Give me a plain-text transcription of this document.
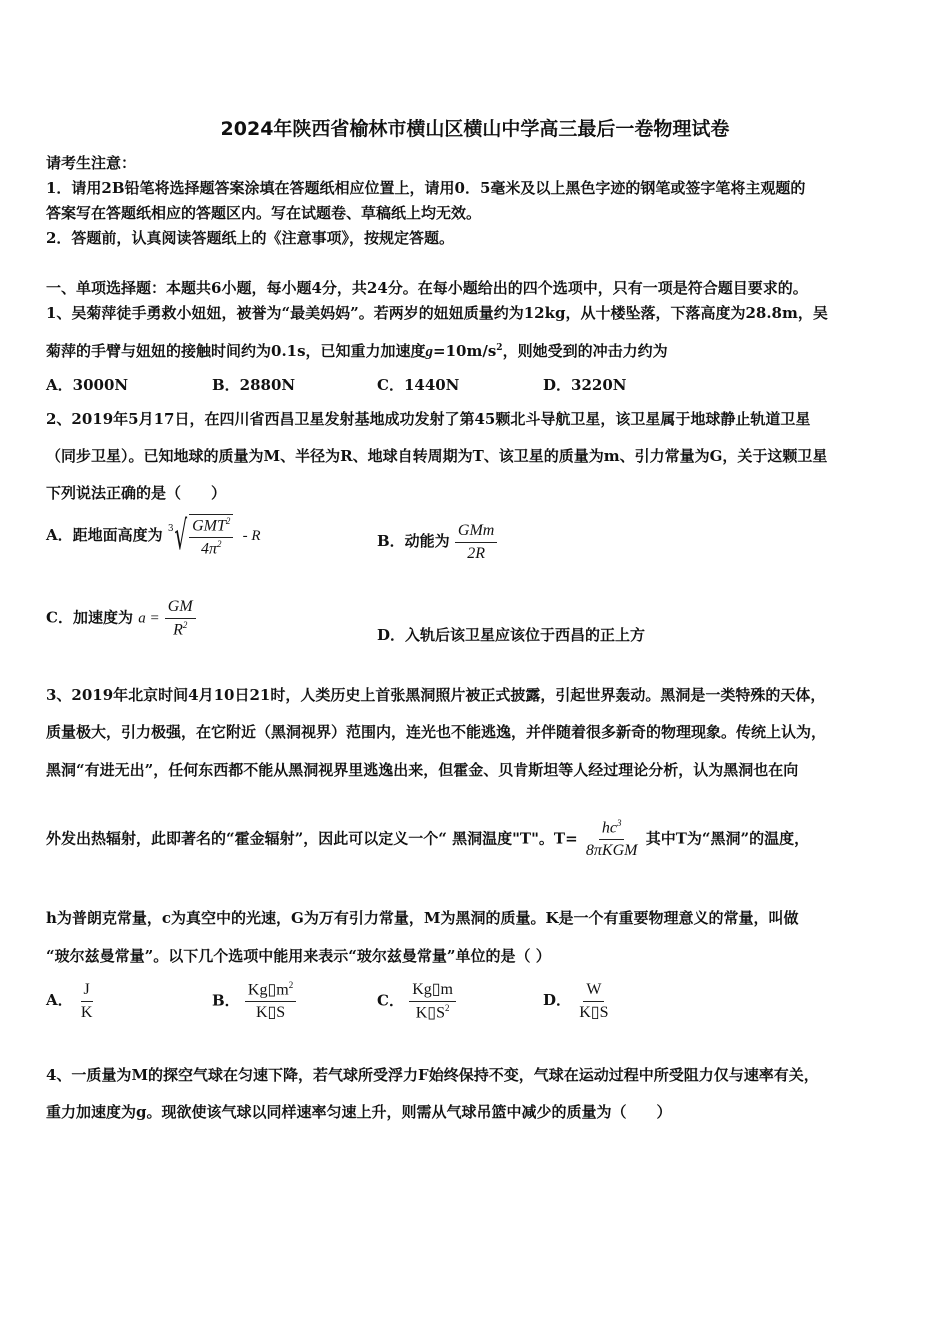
2024年陕西省榆林市横山区横山中学高三最后一卷物理试卷
请考生注意：
1．请用2B铅笔将选择题答案涂填在答题纸相应位置上，请用0．5毫米及以上黑色字迹的钢笔或签字笔将主观题的
答案写在答题纸相应的答题区内。写在试题卷、草稿纸上均无效。
2．答题前，认真阅读答题纸上的《注意事项》，按规定答题。
一、单项选择题：本题共6小题，每小题4分，共24分。在每小题给出的四个选项中，只有一项是符合题目要求的。
1、吴菊萍徒手勇救小妞妞，被誉为“最美妈妈”。若两岁的妞妞质量约为12kg，从十楼坠落，下落高度为28.8m，吴
菊萍的手臂与妞妞的接触时间约为0.1s，已知重力加速度$g=10m/s^2$，则她受到的冲击力约为
A．3000N	B．2880N	C．1440N	D．3220N
2、2019年5月17日，在四川省西昌卫星发射基地成功发射了第45颗北斗导航卫星，该卫星属于地球静止轨道卫星
（同步卫星）。已知地球的质量为M、半径为R、地球自转周期为T、该卫星的质量为m、引力常量为G，关于这颗卫星
下列说法正确的是（　　）
A．距地面高度为 3 √ $\frac{GMT^2}{4\pi^2}$ - R	B．动能为 $\frac{\text{GMm}}{2R}$
C．加速度为 $a = \frac{GM}{R^2}$	D．入轨后该卫星应该位于西昌的正上方
3、2019年北京时间4月10日21时，人类历史上首张黑洞照片被正式披露，引起世界轰动。黑洞是一类特殊的天体，
质量极大，引力极强，在它附近（黑洞视界）范围内，连光也不能逃逸，并伴随着很多新奇的物理现象。传统上认为，
黑洞“有进无出”，任何东西都不能从黑洞视界里逃逸出来，但霍金、贝肯斯坦等人经过理论分析，认为黑洞也在向
外发出热辐射，此即著名的“霍金辐射”，因此可以定义一个“ 黑洞温度"T"。$T= \frac{hc^3}{\text{8πKGM}}$ 其中T为“黑洞”的温度，
h为普朗克常量，c为真空中的光速，G为万有引力常量，M为黑洞的质量。K是一个有重要物理意义的常量，叫做
“玻尔兹曼常量”。以下几个选项中能用来表示“玻尔兹曼常量”单位的是（ ）
A． $\frac{J}{K}$	B． $\frac{Kg▯m^2}{K▯S}$	C． $\frac{Kg▯m}{K▯S^2}$	D． $\frac{W}{K▯S}$
4、一质量为M的探空气球在匀速下降，若气球所受浮力F始终保持不变，气球在运动过程中所受阻力仅与速率有关，
重力加速度为g。现欲使该气球以同样速率匀速上升，则需从气球吊篮中减少的质量为（　　）
